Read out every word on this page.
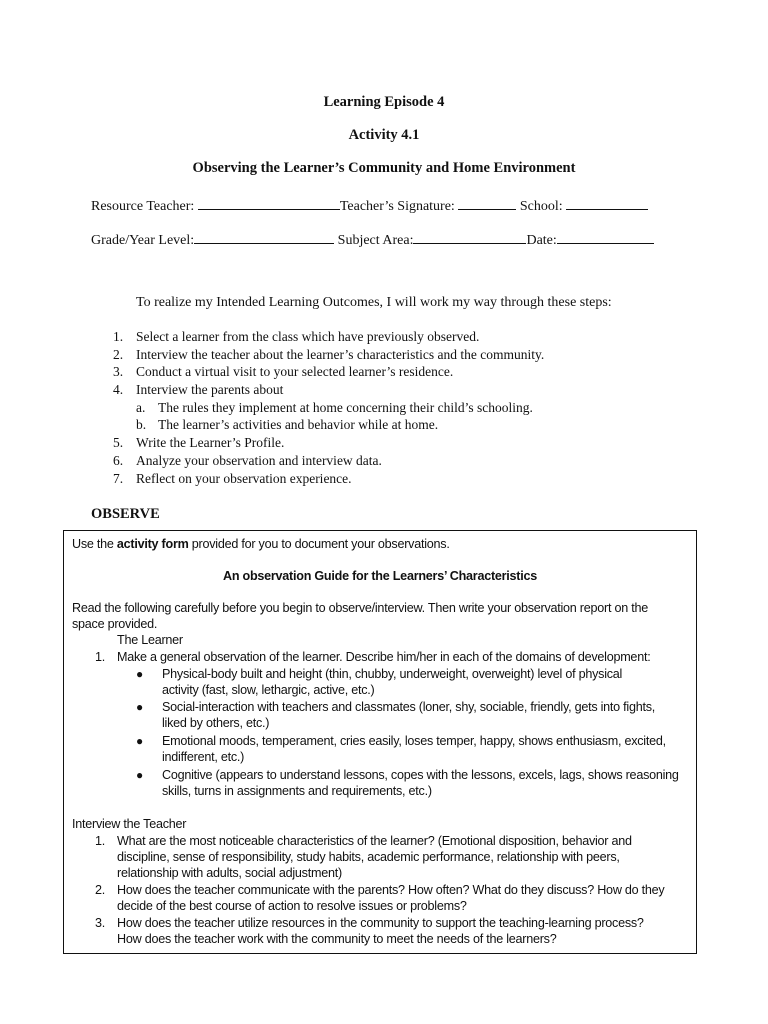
Learning Episode 4
Activity 4.1
Observing the Learner’s Community and Home Environment
Resource Teacher:	Teacher’s Signature:	School:
Grade/Year Level:	Subject Area:	Date:
To realize my Intended Learning Outcomes, I will work my way through these steps:
1. Select a learner from the class which have previously observed.
2. Interview the teacher about the learner’s characteristics and the community.
3. Conduct a virtual visit to your selected learner’s residence.
4. Interview the parents about
a. The rules they implement at home concerning their child’s schooling.
b. The learner’s activities and behavior while at home.
5. Write the Learner’s Profile.
6. Analyze your observation and interview data.
7. Reflect on your observation experience.
OBSERVE
Use the activity form provided for you to document your observations.
An observation Guide for the Learners’ Characteristics
Read the following carefully before you begin to observe/interview. Then write your observation report on the
space provided.
The Learner
1. Make a general observation of the learner. Describe him/her in each of the domains of development:
● Physical-body built and height (thin, chubby, underweight, overweight) level of physical
activity (fast, slow, lethargic, active, etc.)
● Social-interaction with teachers and classmates (loner, shy, sociable, friendly, gets into fights,
liked by others, etc.)
● Emotional moods, temperament, cries easily, loses temper, happy, shows enthusiasm, excited,
indifferent, etc.)
● Cognitive (appears to understand lessons, copes with the lessons, excels, lags, shows reasoning
skills, turns in assignments and requirements, etc.)
Interview the Teacher
1. What are the most noticeable characteristics of the learner? (Emotional disposition, behavior and
discipline, sense of responsibility, study habits, academic performance, relationship with peers,
relationship with adults, social adjustment)
2. How does the teacher communicate with the parents? How often? What do they discuss? How do they
decide of the best course of action to resolve issues or problems?
3. How does the teacher utilize resources in the community to support the teaching-learning process?
How does the teacher work with the community to meet the needs of the learners?
